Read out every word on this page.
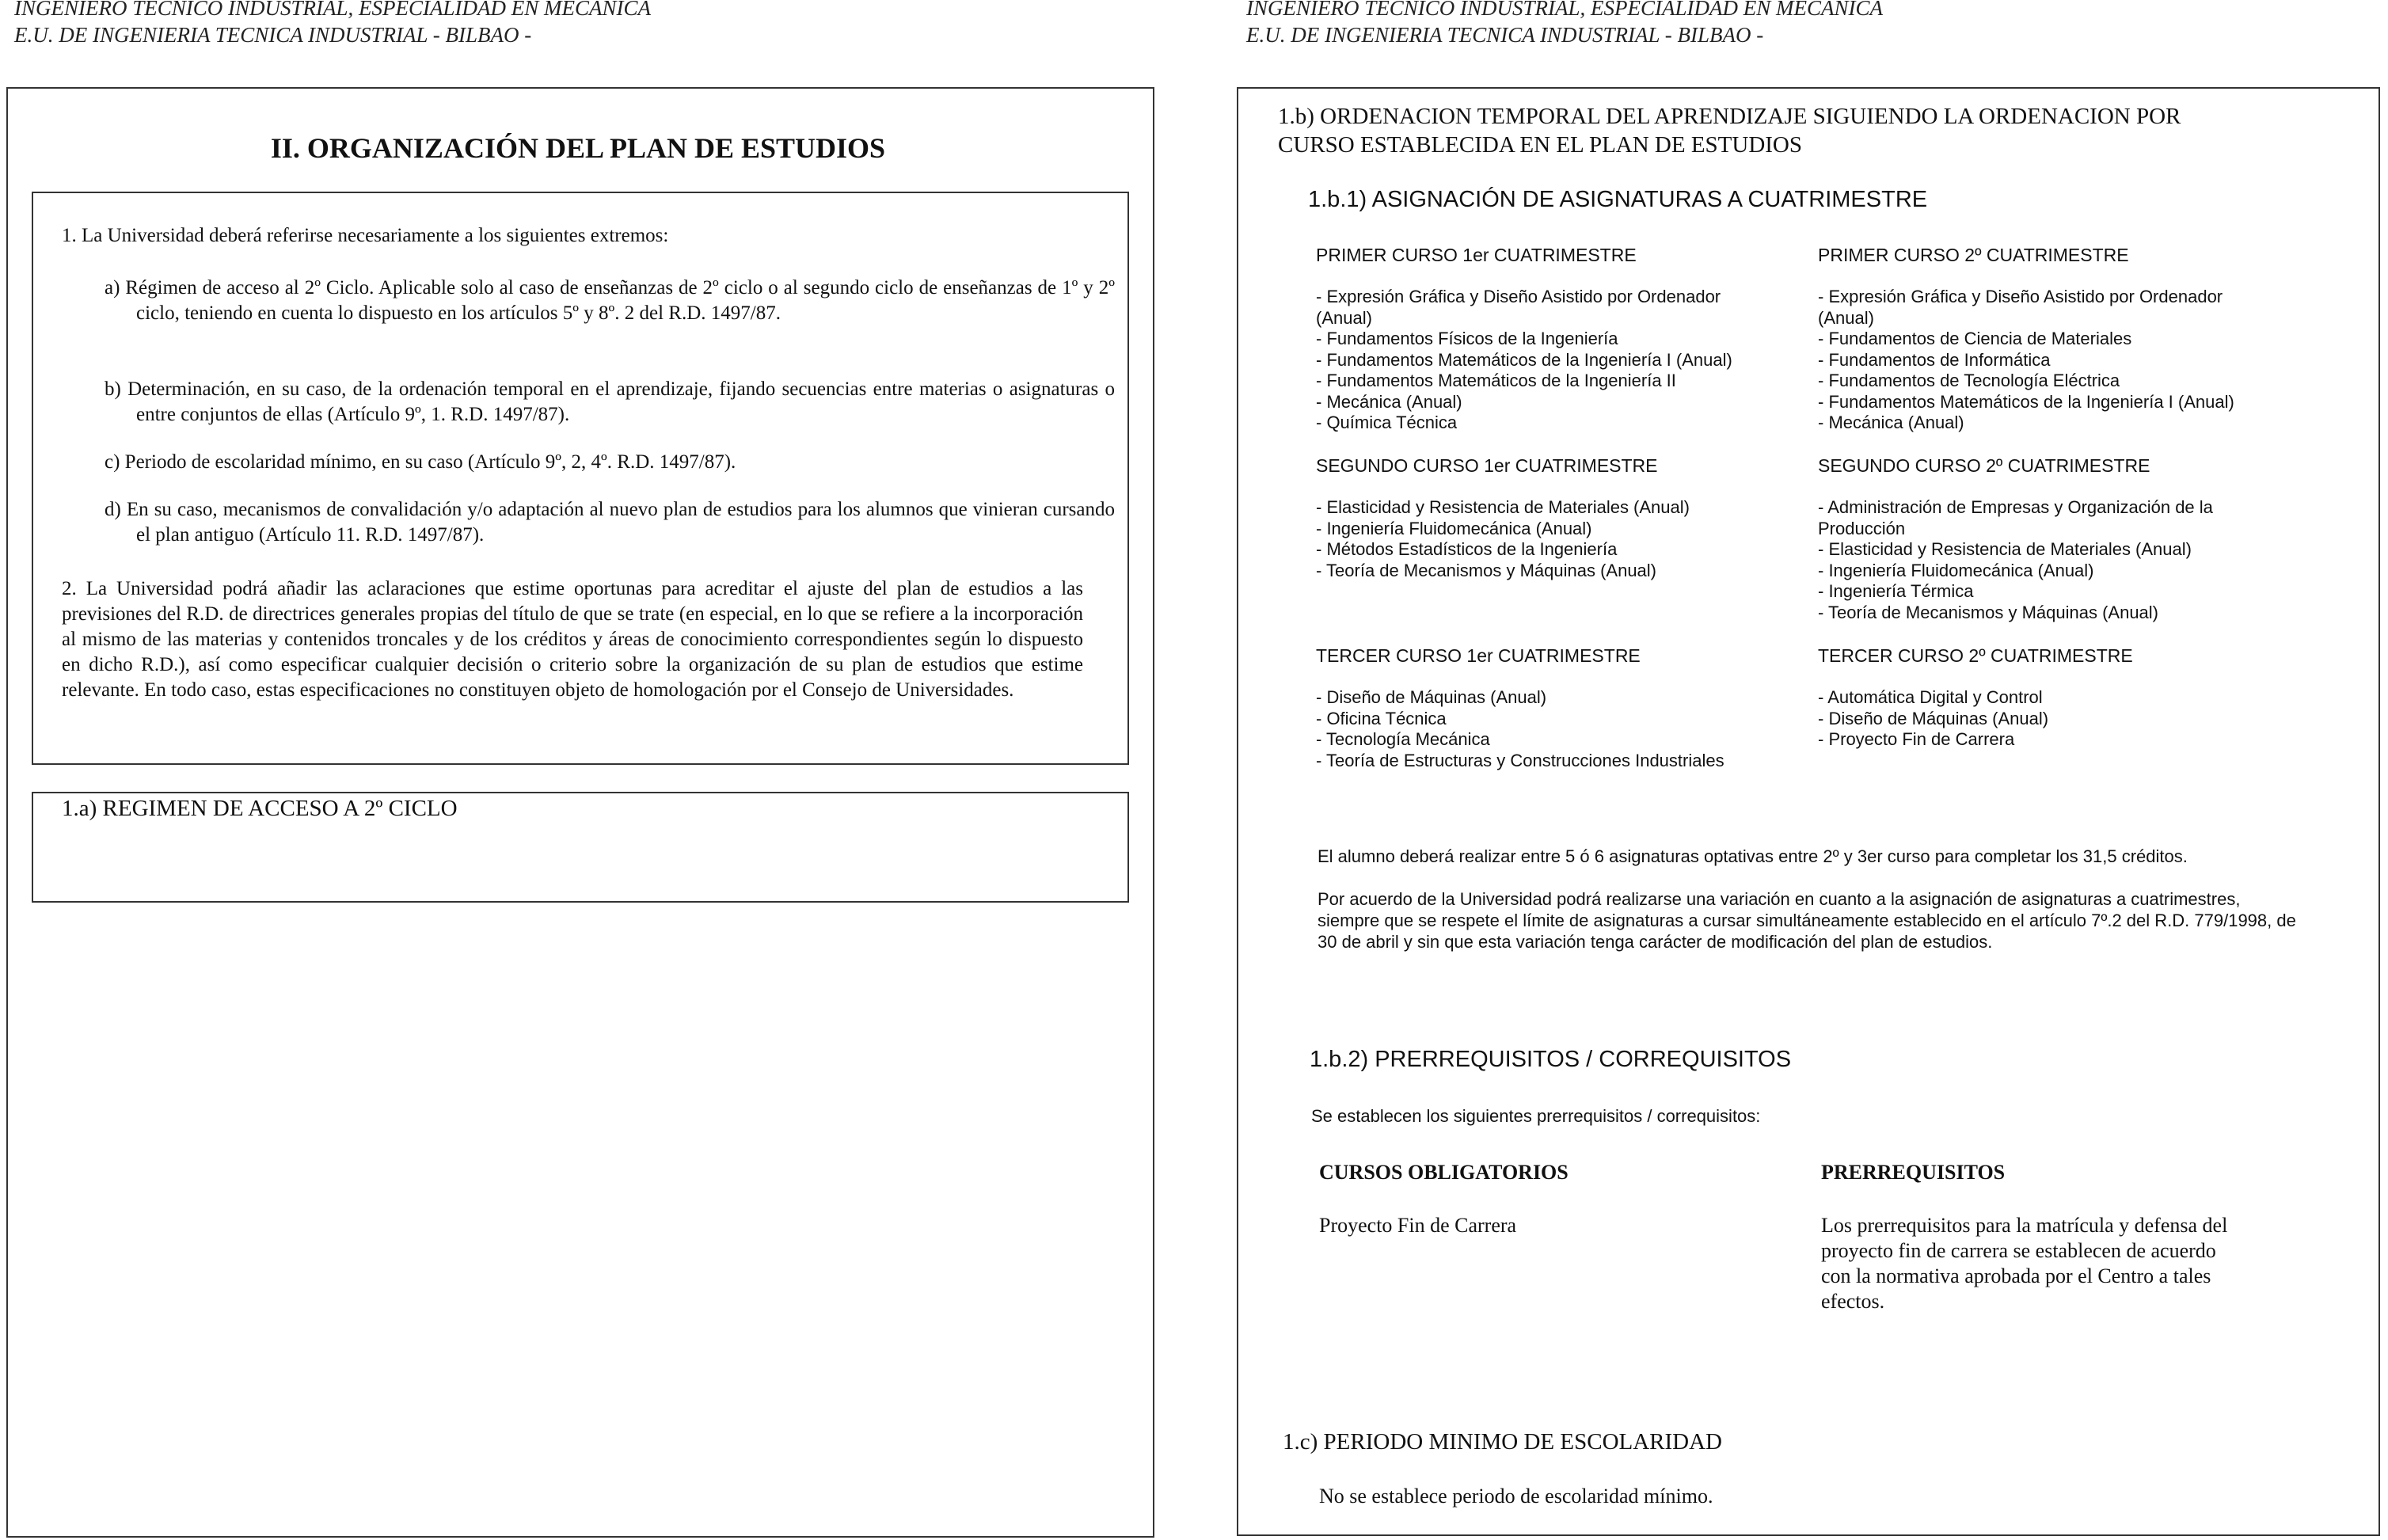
INGENIERO TECNICO INDUSTRIAL, ESPECIALIDAD EN MECANICA
E.U. DE INGENIERIA TECNICA INDUSTRIAL - BILBAO -
II. ORGANIZACIÓN DEL PLAN DE ESTUDIOS
1. La Universidad deberá referirse necesariamente a los siguientes extremos:
a) Régimen de acceso al 2º Ciclo. Aplicable solo al caso de enseñanzas de 2º ciclo o al segundo ciclo de enseñanzas de 1º y 2º ciclo, teniendo en cuenta lo dispuesto en los artículos 5º y 8º. 2 del R.D. 1497/87.
b) Determinación, en su caso, de la ordenación temporal en el aprendizaje, fijando secuencias entre materias o asignaturas o entre conjuntos de ellas (Artículo 9º, 1. R.D. 1497/87).
c) Periodo de escolaridad mínimo, en su caso (Artículo 9º, 2, 4º. R.D. 1497/87).
d) En su caso, mecanismos de convalidación y/o adaptación al nuevo plan de estudios para los alumnos que vinieran cursando el plan antiguo (Artículo 11. R.D. 1497/87).
2. La Universidad podrá añadir las aclaraciones que estime oportunas para acreditar el ajuste del plan de estudios a las previsiones del R.D. de directrices generales propias del título de que se trate (en especial, en lo que se refiere a la incorporación al mismo de las materias y contenidos troncales y de los créditos y áreas de conocimiento correspondientes según lo dispuesto en dicho R.D.), así como especificar cualquier decisión o criterio sobre la organización de su plan de estudios que estime relevante. En todo caso, estas especificaciones no constituyen objeto de homologación por el Consejo de Universidades.
1.a) REGIMEN DE ACCESO A 2º CICLO
INGENIERO TECNICO INDUSTRIAL, ESPECIALIDAD EN MECANICA
E.U. DE INGENIERIA TECNICA INDUSTRIAL - BILBAO -
1.b) ORDENACION TEMPORAL DEL APRENDIZAJE SIGUIENDO LA ORDENACION POR
CURSO ESTABLECIDA EN EL PLAN DE ESTUDIOS
1.b.1) ASIGNACIÓN DE ASIGNATURAS A CUATRIMESTRE
PRIMER CURSO 1er CUATRIMESTRE
- Expresión Gráfica y Diseño Asistido por Ordenador
(Anual)
- Fundamentos Físicos de la Ingeniería
- Fundamentos Matemáticos de la Ingeniería I (Anual)
- Fundamentos Matemáticos de la Ingeniería II
- Mecánica (Anual)
- Química Técnica
PRIMER CURSO 2º CUATRIMESTRE
- Expresión Gráfica y Diseño Asistido por Ordenador
(Anual)
- Fundamentos de Ciencia de Materiales
- Fundamentos de Informática
- Fundamentos de Tecnología Eléctrica
- Fundamentos Matemáticos de la Ingeniería I (Anual)
- Mecánica (Anual)
SEGUNDO CURSO 1er CUATRIMESTRE
- Elasticidad y Resistencia de Materiales (Anual)
- Ingeniería Fluidomecánica (Anual)
- Métodos Estadísticos de la Ingeniería
- Teoría de Mecanismos y Máquinas (Anual)
SEGUNDO CURSO 2º CUATRIMESTRE
- Administración de Empresas y Organización de la
Producción
- Elasticidad y Resistencia de Materiales (Anual)
- Ingeniería Fluidomecánica (Anual)
- Ingeniería Térmica
- Teoría de Mecanismos y Máquinas (Anual)
TERCER CURSO 1er CUATRIMESTRE
- Diseño de Máquinas (Anual)
- Oficina Técnica
- Tecnología Mecánica
- Teoría de Estructuras y Construcciones Industriales
TERCER CURSO 2º CUATRIMESTRE
- Automática Digital y Control
- Diseño de Máquinas (Anual)
- Proyecto Fin de Carrera
El alumno deberá realizar entre 5 ó 6 asignaturas optativas entre 2º y 3er curso para completar los 31,5 créditos.
Por acuerdo de la Universidad podrá realizarse una variación en cuanto a la asignación de asignaturas a cuatrimestres, siempre que se respete el límite de asignaturas a cursar simultáneamente establecido en el artículo 7º.2 del R.D. 779/1998, de 30 de abril y sin que esta variación tenga carácter de modificación del plan de estudios.
1.b.2) PRERREQUISITOS / CORREQUISITOS
Se establecen los siguientes prerrequisitos / correquisitos:
CURSOS OBLIGATORIOS	PRERREQUISITOS
Proyecto Fin de Carrera	Los prerrequisitos para la matrícula y defensa del proyecto fin de carrera se establecen de acuerdo con la normativa aprobada por el Centro a tales efectos.
1.c) PERIODO MINIMO DE ESCOLARIDAD
No se establece periodo de escolaridad mínimo.
